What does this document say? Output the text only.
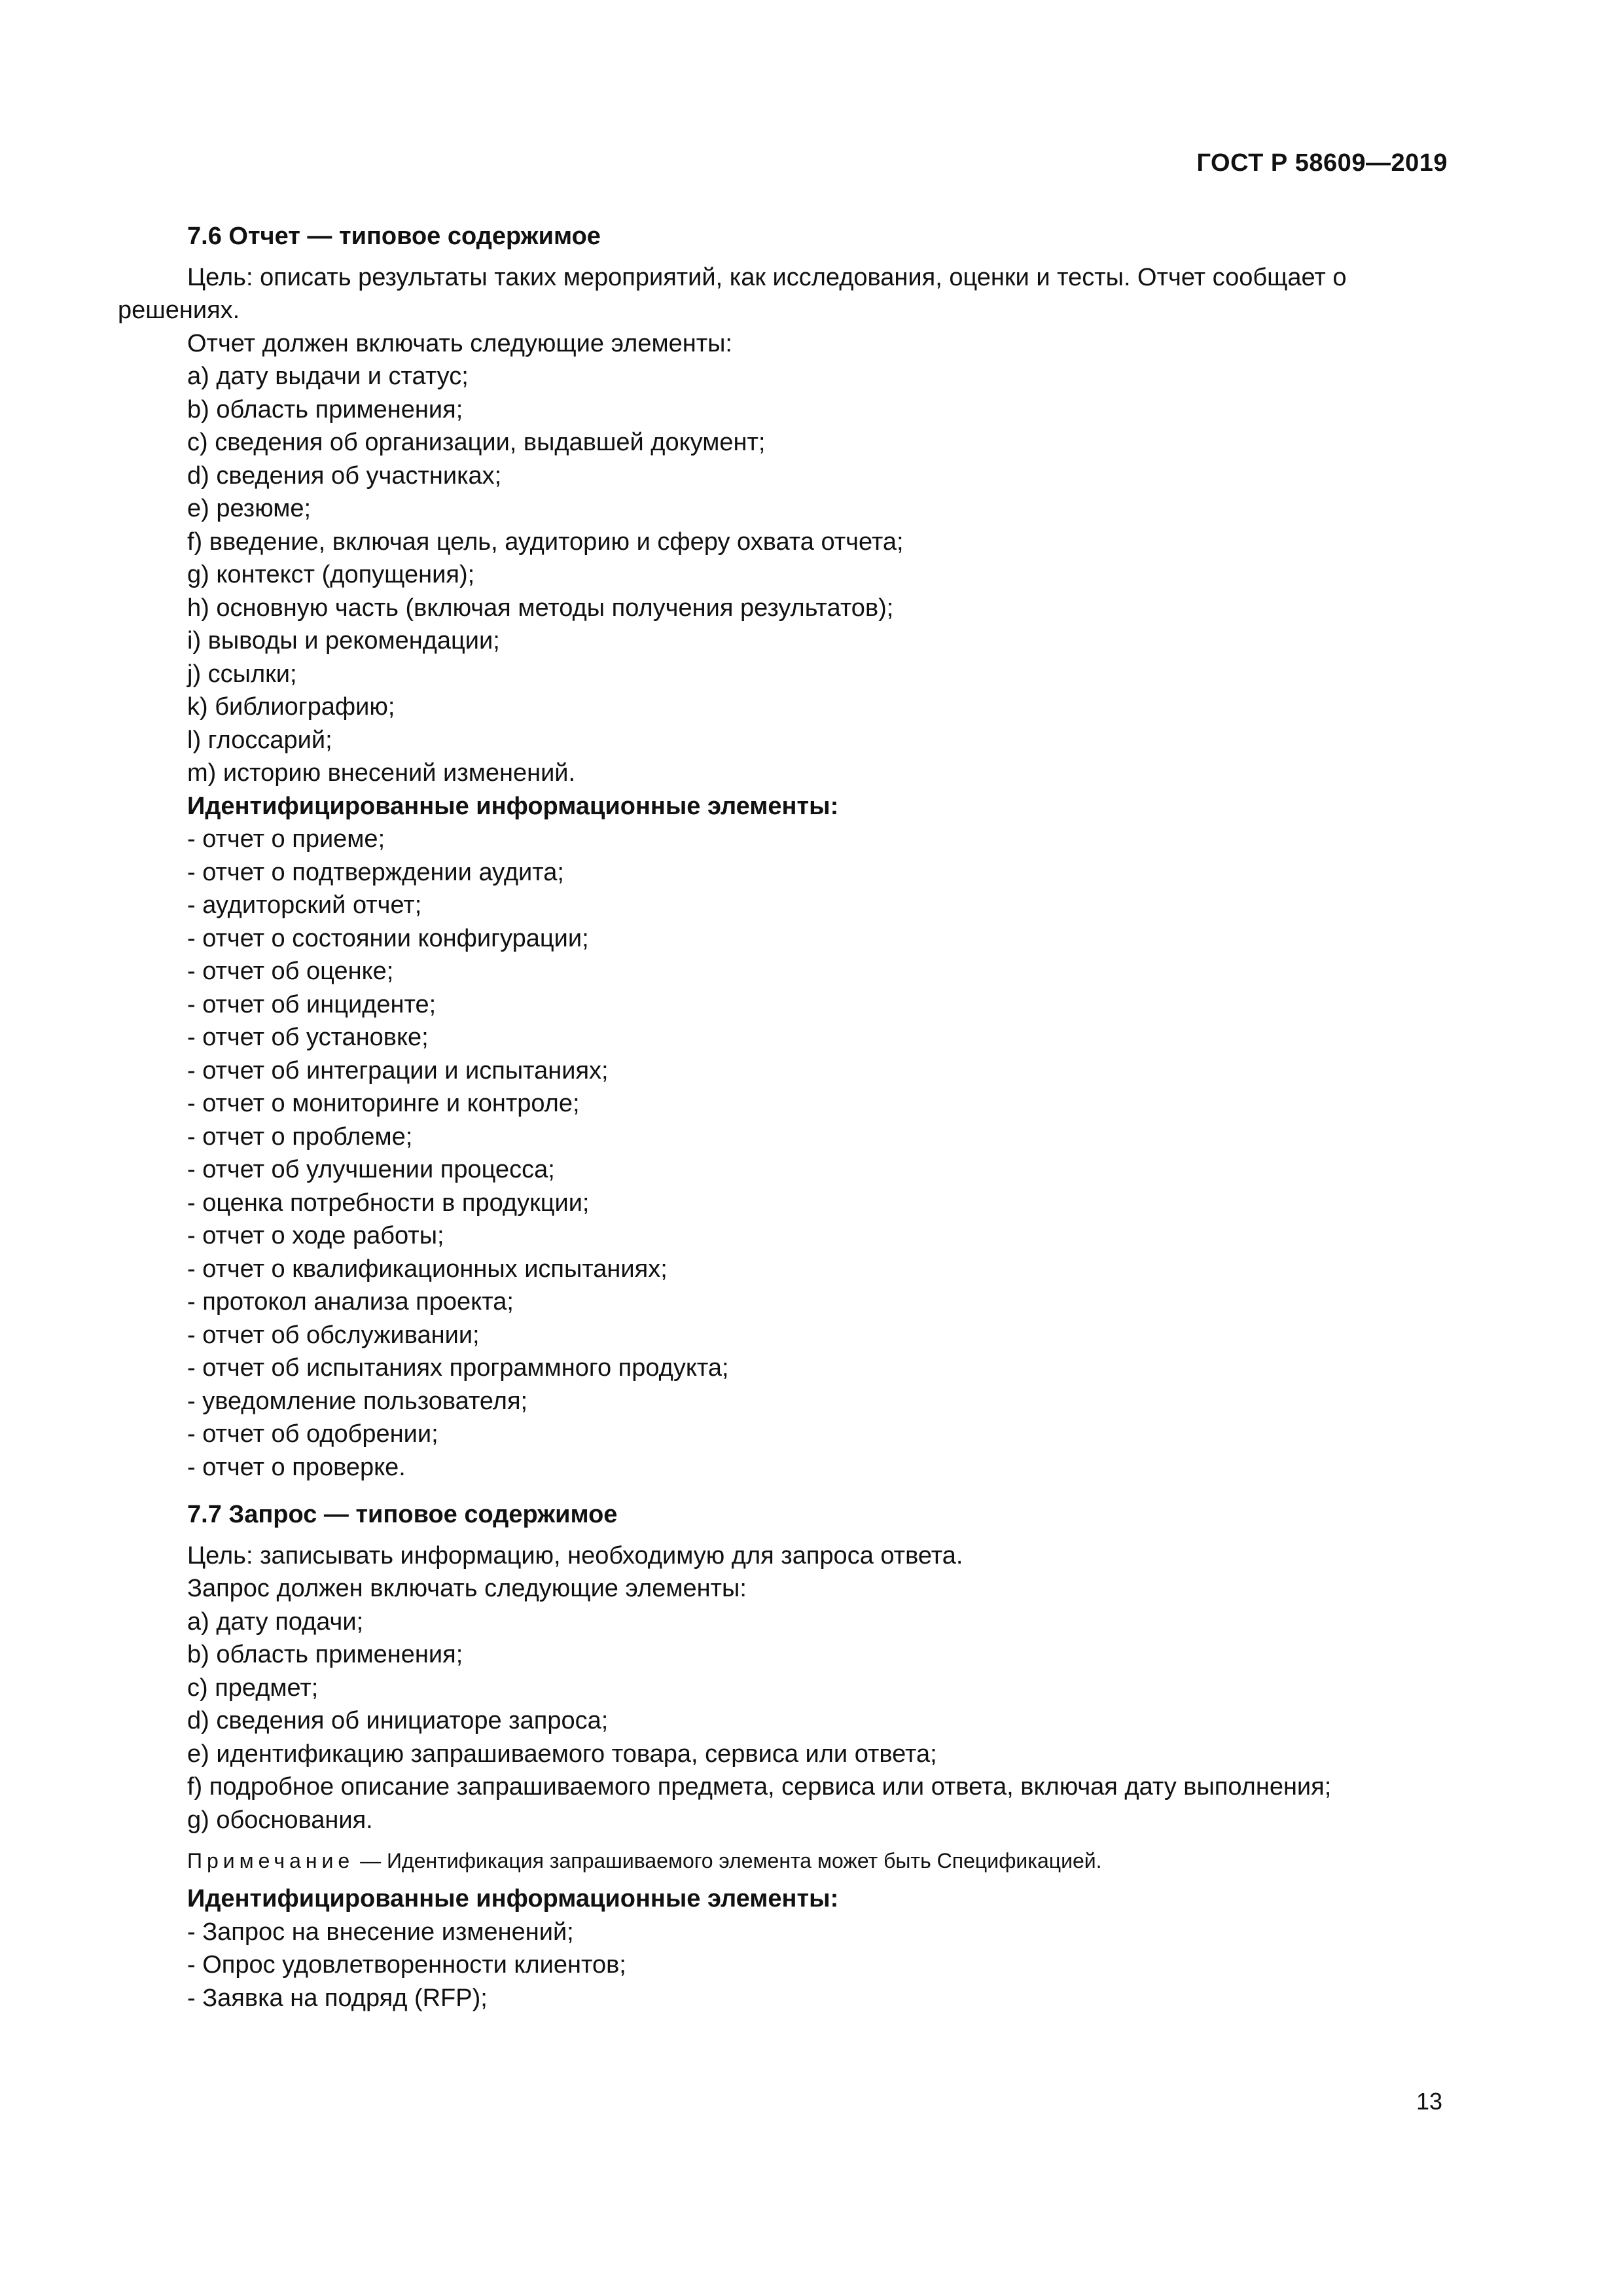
ГОСТ Р 58609—2019
7.6 Отчет — типовое содержимое

Цель: описать результаты таких мероприятий, как исследования, оценки и тесты. Отчет сообщает о решениях.

Отчет должен включать следующие элементы:

a) дату выдачи и статус;
b) область применения;
c) сведения об организации, выдавшей документ;
d) сведения об участниках;
e) резюме;
f) введение, включая цель, аудиторию и сферу охвата отчета;
g) контекст (допущения);
h) основную часть (включая методы получения результатов);
i) выводы и рекомендации;
j) ссылки;
k) библиографию;
l) глоссарий;
m) историю внесений изменений.

Идентифицированные информационные элементы:

- отчет о приеме;
- отчет о подтверждении аудита;
- аудиторский отчет;
- отчет о состоянии конфигурации;
- отчет об оценке;
- отчет об инциденте;
- отчет об установке;
- отчет об интеграции и испытаниях;
- отчет о мониторинге и контроле;
- отчет о проблеме;
- отчет об улучшении процесса;
- оценка потребности в продукции;
- отчет о ходе работы;
- отчет о квалификационных испытаниях;
- протокол анализа проекта;
- отчет об обслуживании;
- отчет об испытаниях программного продукта;
- уведомление пользователя;
- отчет об одобрении;
- отчет о проверке.
7.7 Запрос — типовое содержимое

Цель: записывать информацию, необходимую для запроса ответа.

Запрос должен включать следующие элементы:

a) дату подачи;
b) область применения;
c) предмет;
d) сведения об инициаторе запроса;
e) идентификацию запрашиваемого товара, сервиса или ответа;
f) подробное описание запрашиваемого предмета, сервиса или ответа, включая дату выполнения;
g) обоснования.
Примечание — Идентификация запрашиваемого элемента может быть Спецификацией.

Идентифицированные информационные элементы:

- Запрос на внесение изменений;
- Опрос удовлетворенности клиентов;
- Заявка на подряд (RFP);
13
